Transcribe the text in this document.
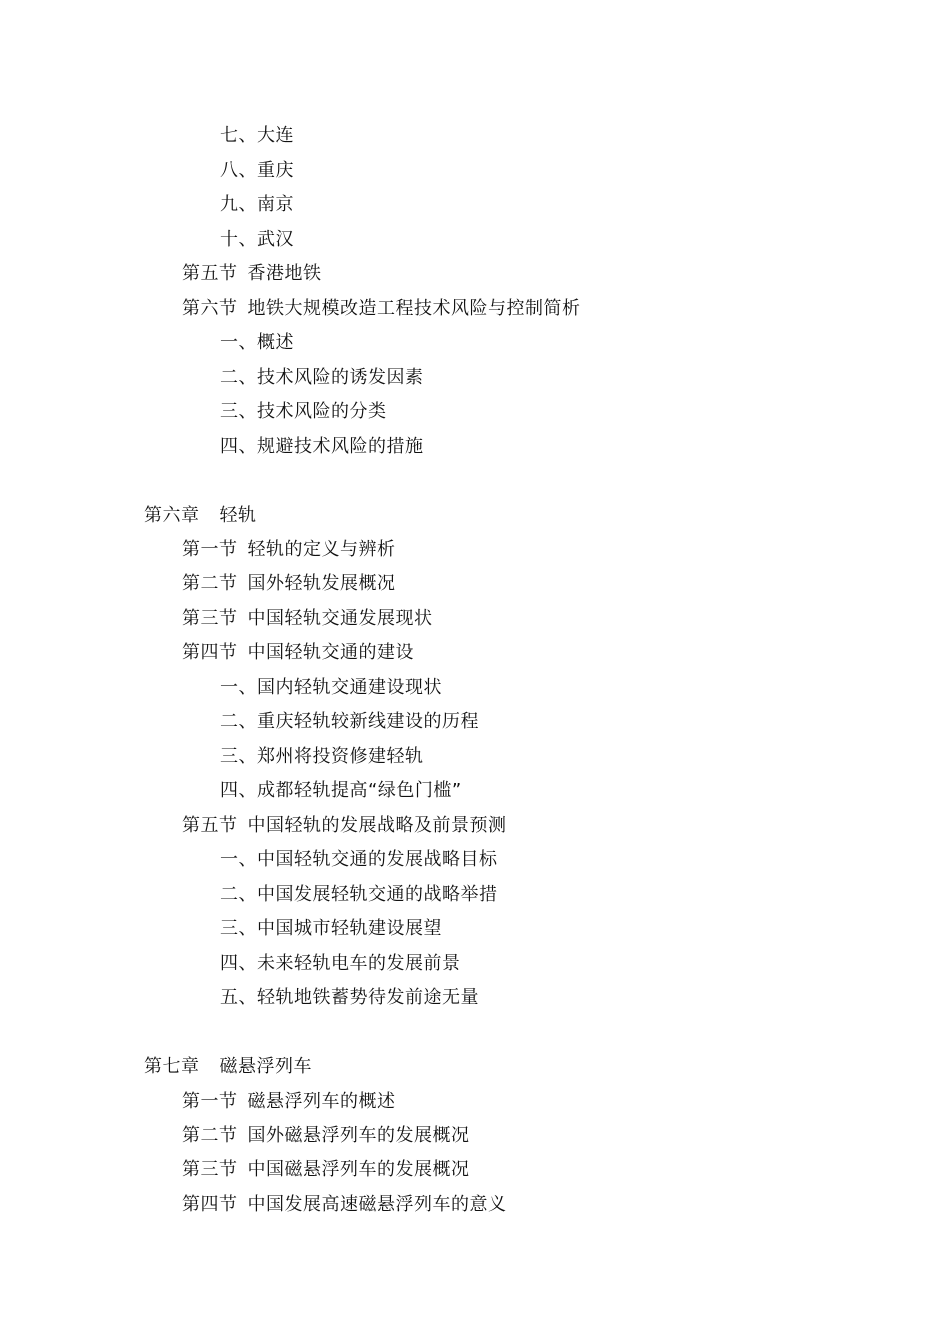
七、大连
八、重庆
九、南京
十、武汉
第五节 香港地铁
第六节 地铁大规模改造工程技术风险与控制简析
一、概述
二、技术风险的诱发因素
三、技术风险的分类
四、规避技术风险的措施
第六章 轻轨
第一节 轻轨的定义与辨析
第二节 国外轻轨发展概况
第三节 中国轻轨交通发展现状
第四节 中国轻轨交通的建设
一、国内轻轨交通建设现状
二、重庆轻轨较新线建设的历程
三、郑州将投资修建轻轨
四、成都轻轨提高“绿色门槛”
第五节 中国轻轨的发展战略及前景预测
一、中国轻轨交通的发展战略目标
二、中国发展轻轨交通的战略举措
三、中国城市轻轨建设展望
四、未来轻轨电车的发展前景
五、轻轨地铁蓄势待发前途无量
第七章 磁悬浮列车
第一节 磁悬浮列车的概述
第二节 国外磁悬浮列车的发展概况
第三节 中国磁悬浮列车的发展概况
第四节 中国发展高速磁悬浮列车的意义
